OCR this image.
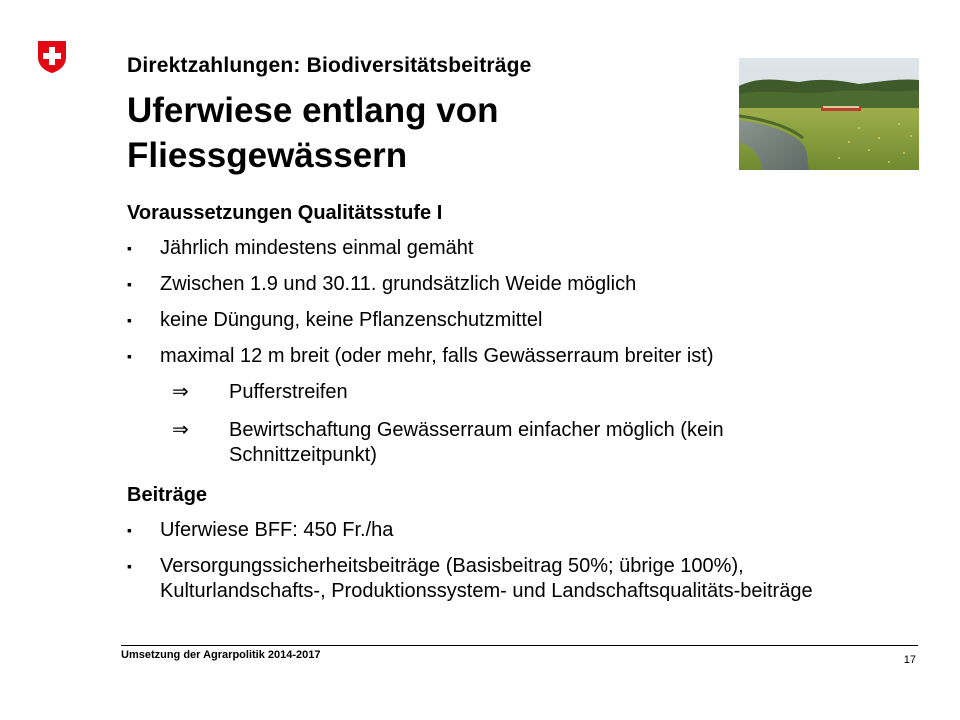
Direktzahlungen: Biodiversitätsbeiträge
Uferwiese entlang von
Fliessgewässern
Voraussetzungen Qualitätsstufe I
▪ Jährlich mindestens einmal gemäht
▪ Zwischen 1.9 und 30.11. grundsätzlich Weide möglich
▪ keine Düngung, keine Pflanzenschutzmittel
▪ maximal 12 m breit (oder mehr, falls Gewässerraum breiter ist)
⇒ Pufferstreifen
⇒ Bewirtschaftung Gewässerraum einfacher möglich (kein Schnittzeitpunkt)
Beiträge
▪ Uferwiese BFF: 450 Fr./ha
▪ Versorgungssicherheitsbeiträge (Basisbeitrag 50%; übrige 100%), Kulturlandschafts-, Produktionssystem- und Landschaftsqualitäts-beiträge
Umsetzung der Agrarpolitik 2014-2017	17
